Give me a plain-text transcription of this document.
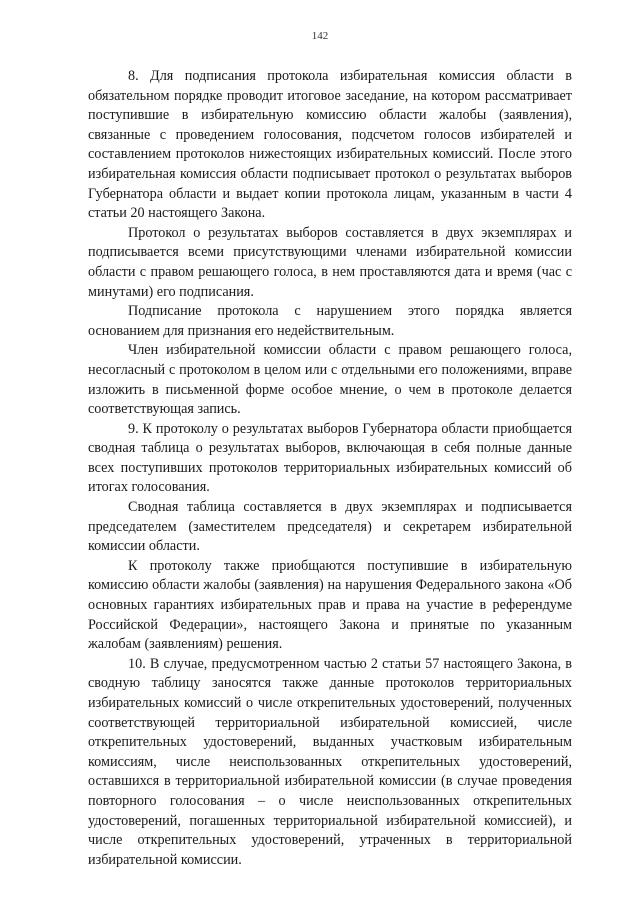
142

8. Для подписания протокола избирательная комиссия области в обязательном порядке проводит итоговое заседание, на котором рассматривает поступившие в избирательную комиссию области жалобы (заявления), связанные с проведением голосования, подсчетом голосов избирателей и составлением протоколов нижестоящих избирательных комиссий. После этого избирательная комиссия области подписывает протокол о результатах выборов Губернатора области и выдает копии протокола лицам, указанным в части 4 статьи 20 настоящего Закона.

Протокол о результатах выборов составляется в двух экземплярах и подписывается всеми присутствующими членами избирательной комиссии области с правом решающего голоса, в нем проставляются дата и время (час с минутами) его подписания.

Подписание протокола с нарушением этого порядка является основанием для признания его недействительным.

Член избирательной комиссии области с правом решающего голоса, несогласный с протоколом в целом или с отдельными его положениями, вправе изложить в письменной форме особое мнение, о чем в протоколе делается соответствующая запись.

9. К протоколу о результатах выборов Губернатора области приобщается сводная таблица о результатах выборов, включающая в себя полные данные всех поступивших протоколов территориальных избирательных комиссий об итогах голосования.

Сводная таблица составляется в двух экземплярах и подписывается председателем (заместителем председателя) и секретарем избирательной комиссии области.

К протоколу также приобщаются поступившие в избирательную комиссию области жалобы (заявления) на нарушения Федерального закона «Об основных гарантиях избирательных прав и права на участие в референдуме Российской Федерации», настоящего Закона и принятые по указанным жалобам (заявлениям) решения.

10. В случае, предусмотренном частью 2 статьи 57 настоящего Закона, в сводную таблицу заносятся также данные протоколов территориальных избирательных комиссий о числе открепительных удостоверений, полученных соответствующей территориальной избирательной комиссией, числе открепительных удостоверений, выданных участковым избирательным комиссиям, числе неиспользованных открепительных удостоверений, оставшихся в территориальной избирательной комиссии (в случае проведения повторного голосования – о числе неиспользованных открепительных удостоверений, погашенных территориальной избирательной комиссией), и числе открепительных удостоверений, утраченных в территориальной избирательной комиссии.
